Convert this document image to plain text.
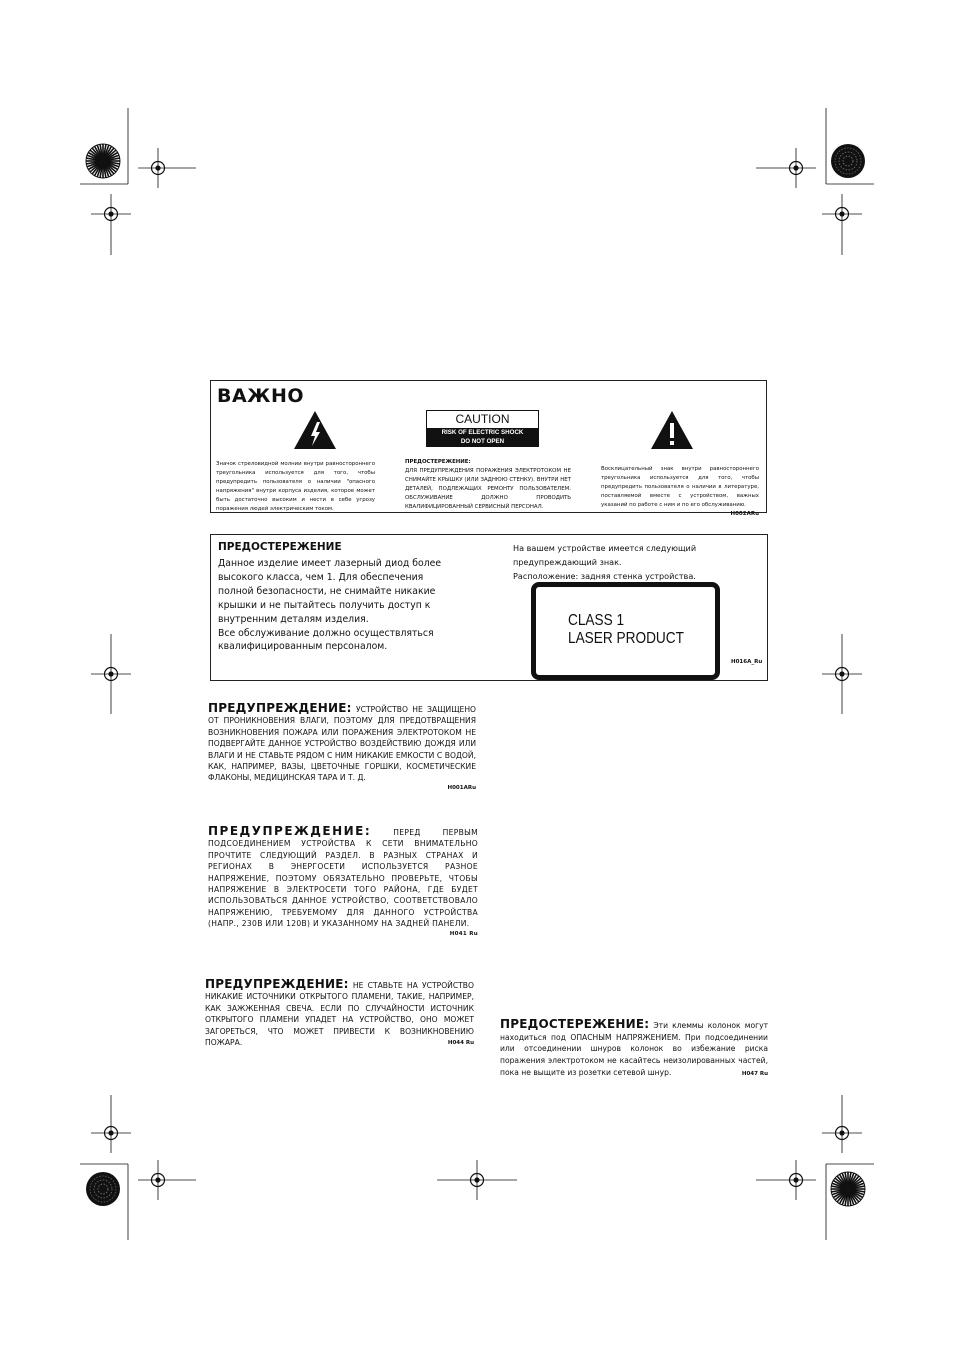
ВАЖНО
CAUTION
RISK OF ELECTRIC SHOCK
DO NOT OPEN
Значок стреловидной молнии внутри равностороннего треугольника используется для того, чтобы предупредить пользователя о наличии "опасного напряжения" внутри корпуса изделия, которое может быть достаточно высоким и нести в себе угрозу поражения людей электрическим током.
ПРЕДОСТЕРЕЖЕНИЕ:
ДЛЯ ПРЕДУПРЕЖДЕНИЯ ПОРАЖЕНИЯ ЭЛЕКТРОТОКОМ НЕ СНИМАЙТЕ КРЫШКУ (ИЛИ ЗАДНЮЮ СТЕНКУ). ВНУТРИ НЕТ ДЕТАЛЕЙ, ПОДЛЕЖАЩИХ РЕМОНТУ ПОЛЬЗОВАТЕЛЕМ. ОБСЛУЖИВАНИЕ ДОЛЖНО ПРОВОДИТЬ КВАЛИФИЦИРОВАННЫЙ СЕРВИСНЫЙ ПЕРСОНАЛ.
Восклицательный знак внутри равностороннего треугольника используется для того, чтобы предупредить пользователя о наличии в литературе, поставляемой вместе с устройством, важных указаний по работе с ним и по его обслуживанию.
H002ARu
ПРЕДОСТЕРЕЖЕНИЕ
Данное изделие имеет лазерный диод более высокого класса, чем 1. Для обеспечения полной безопасности, не снимайте никакие крышки и не пытайтесь получить доступ к внутренним деталям изделия.
Все обслуживание должно осуществляться квалифицированным персоналом.
На вашем устройстве имеется следующий предупреждающий знак.
Расположение: задняя стенка устройства.
CLASS 1
LASER PRODUCT
H016A_Ru
ПРЕДУПРЕЖДЕНИЕ: УСТРОЙСТВО НЕ ЗАЩИЩЕНО ОТ ПРОНИКНОВЕНИЯ ВЛАГИ, ПОЭТОМУ ДЛЯ ПРЕДОТВРАЩЕНИЯ ВОЗНИКНОВЕНИЯ ПОЖАРА ИЛИ ПОРАЖЕНИЯ ЭЛЕКТРОТОКОМ НЕ ПОДВЕРГАЙТЕ ДАННОЕ УСТРОЙСТВО ВОЗДЕЙСТВИЮ ДОЖДЯ ИЛИ ВЛАГИ И НЕ СТАВЬТЕ РЯДОМ С НИМ НИКАКИЕ ЕМКОСТИ С ВОДОЙ, КАК, НАПРИМЕР, ВАЗЫ, ЦВЕТОЧНЫЕ ГОРШКИ, КОСМЕТИЧЕСКИЕ ФЛАКОНЫ, МЕДИЦИНСКАЯ ТАРА И Т. Д.
H001ARu
ПРЕДУПРЕЖДЕНИЕ:	ПЕРЕД ПЕРВЫМ ПОДСОЕДИНЕНИЕМ УСТРОЙСТВА К СЕТИ ВНИМАТЕЛЬНО ПРОЧТИТЕ СЛЕДУЮЩИЙ РАЗДЕЛ. В РАЗНЫХ СТРАНАХ И РЕГИОНАХ В ЭНЕРГОСЕТИ ИСПОЛЬЗУЕТСЯ РАЗНОЕ НАПРЯЖЕНИЕ, ПОЭТОМУ ОБЯЗАТЕЛЬНО ПРОВЕРЬТЕ, ЧТОБЫ НАПРЯЖЕНИЕ В ЭЛЕКТРОСЕТИ ТОГО РАЙОНА, ГДЕ БУДЕТ ИСПОЛЬЗОВАТЬСЯ ДАННОЕ УСТРОЙСТВО, СООТВЕТСТВОВАЛО НАПРЯЖЕНИЮ, ТРЕБУЕМОМУ ДЛЯ ДАННОГО УСТРОЙСТВА (НАПР., 230В ИЛИ 120В) И УКАЗАННОМУ НА ЗАДНЕЙ ПАНЕЛИ.
H041 Ru
ПРЕДУПРЕЖДЕНИЕ: НЕ СТАВЬТЕ НА УСТРОЙСТВО НИКАКИЕ ИСТОЧНИКИ ОТКРЫТОГО ПЛАМЕНИ, ТАКИЕ, НАПРИМЕР, КАК ЗАЖЖЕННАЯ СВЕЧА. ЕСЛИ ПО СЛУЧАЙНОСТИ ИСТОЧНИК ОТКРЫТОГО ПЛАМЕНИ УПАДЕТ НА УСТРОЙСТВО, ОНО МОЖЕТ ЗАГОРЕТЬСЯ, ЧТО МОЖЕТ ПРИВЕСТИ К ВОЗНИКНОВЕНИЮ ПОЖАРА.	H044 Ru
ПРЕДОСТЕРЕЖЕНИЕ: Эти клеммы колонок могут находиться под ОПАСНЫМ НАПРЯЖЕНИЕМ. При подсоединении или отсоединении шнуров колонок во избежание риска поражения электротоком не касайтесь неизолированных частей, пока не выщите из розетки сетевой шнур.	H047 Ru
